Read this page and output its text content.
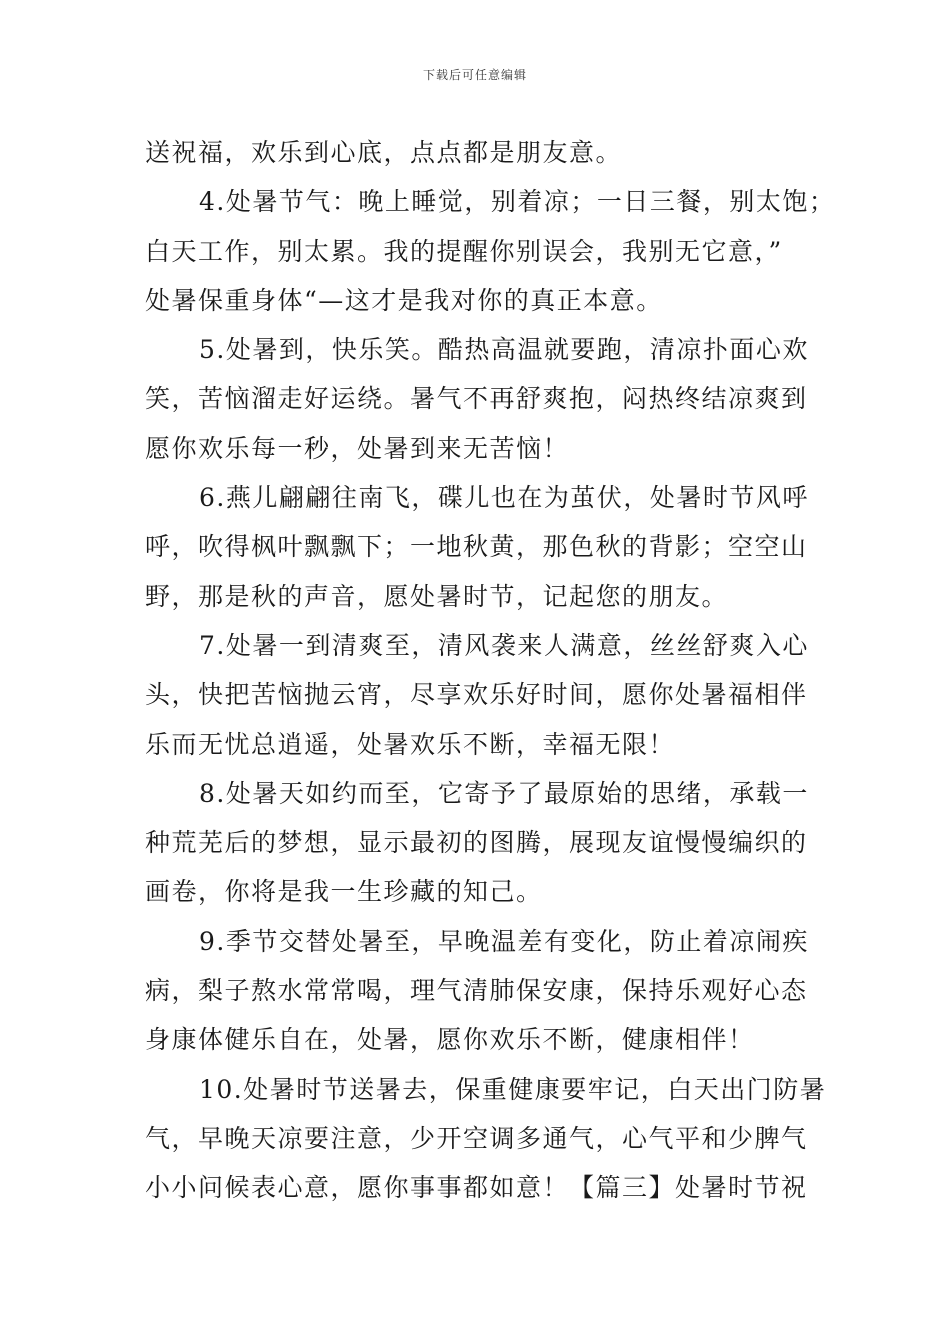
下载后可任意编辑
送祝福，欢乐到心底，点点都是朋友意。
4.处暑节气：晚上睡觉，别着凉；一日三餐，别太饱；
白天工作，别太累。我的提醒你别误会，我别无它意，”
处暑保重身体“—这才是我对你的真正本意。
5.处暑到，快乐笑。酷热高温就要跑，清凉扑面心欢
笑，苦恼溜走好运绕。暑气不再舒爽抱，闷热终结凉爽到
愿你欢乐每一秒，处暑到来无苦恼！
6.燕儿翩翩往南飞，碟儿也在为茧伏，处暑时节风呼
呼，吹得枫叶飘飘下；一地秋黄，那色秋的背影；空空山
野，那是秋的声音，愿处暑时节，记起您的朋友。
7.处暑一到清爽至，清风袭来人满意，丝丝舒爽入心
头，快把苦恼抛云宵，尽享欢乐好时间，愿你处暑福相伴
乐而无忧总逍遥，处暑欢乐不断，幸福无限！
8.处暑天如约而至，它寄予了最原始的思绪，承载一
种荒芜后的梦想，显示最初的图腾，展现友谊慢慢编织的
画卷，你将是我一生珍藏的知己。
9.季节交替处暑至，早晚温差有变化，防止着凉闹疾
病，梨子熬水常常喝，理气清肺保安康，保持乐观好心态
身康体健乐自在，处暑，愿你欢乐不断，健康相伴！
10.处暑时节送暑去，保重健康要牢记，白天出门防暑
气，早晚天凉要注意，少开空调多通气，心气平和少脾气
小小问候表心意，愿你事事都如意！【篇三】处暑时节祝
